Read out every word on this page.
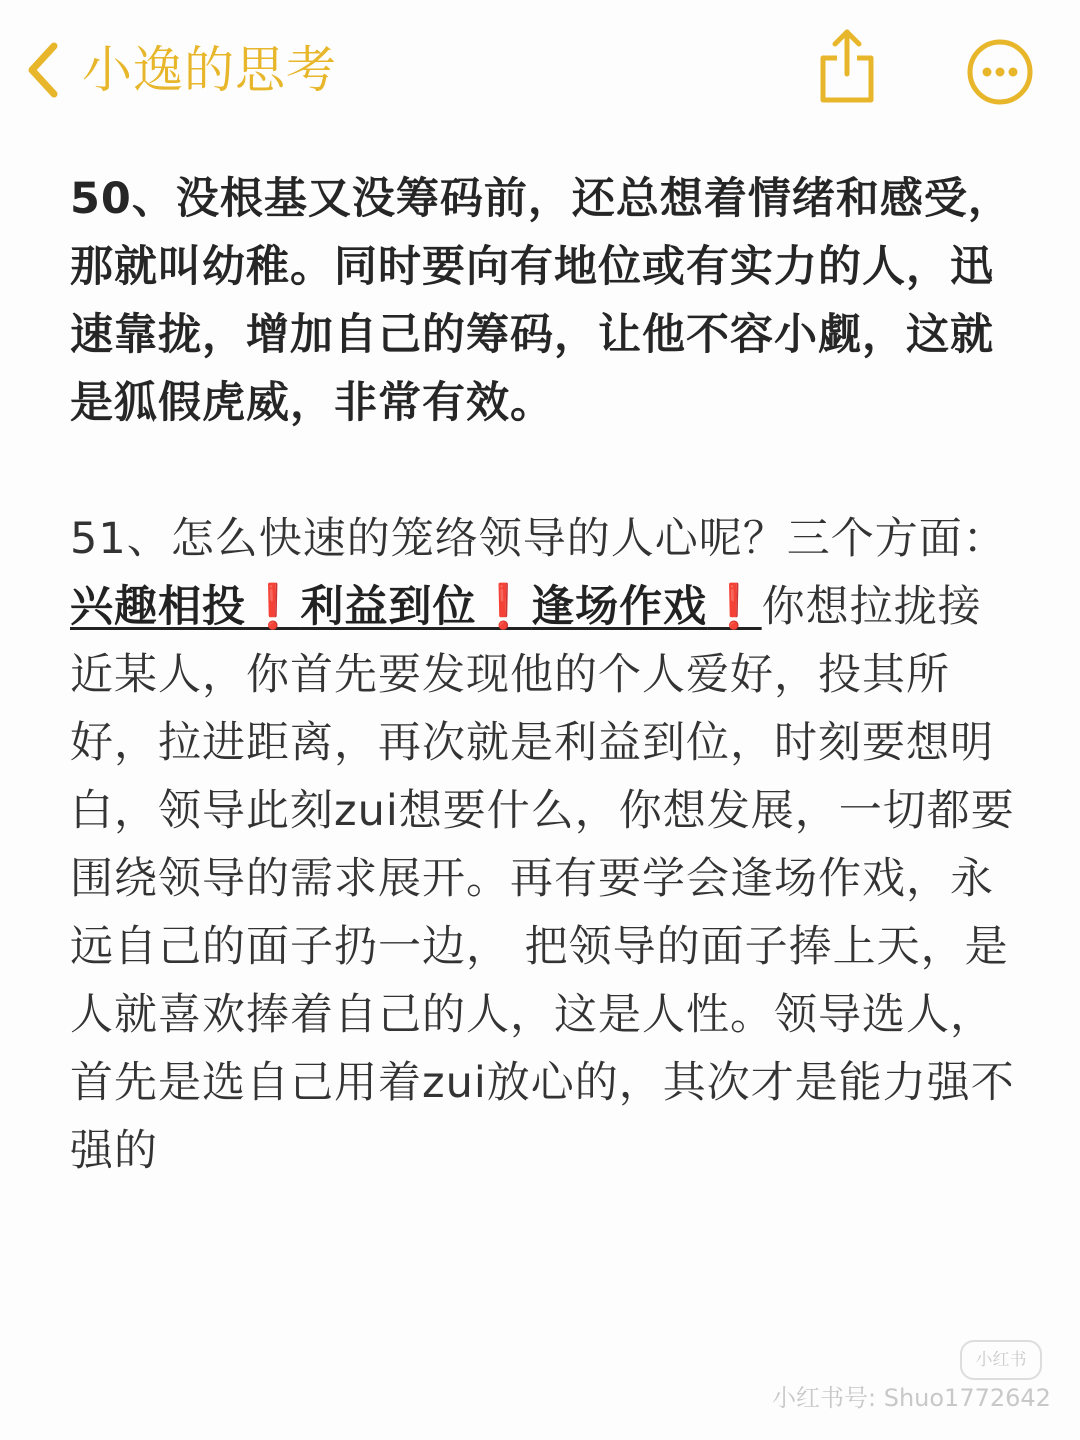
小逸的思考

50、没根基又没筹码前，还总想着情绪和感受，那就叫幼稚。同时要向有地位或有实力的人，迅速靠拢，增加自己的筹码，让他不容小觑，这就是狐假虎威，非常有效。

51、怎么快速的笼络领导的人心呢？三个方面：兴趣相投❗利益到位❗逢场作戏❗你想拉拢接近某人，你首先要发现他的个人爱好，投其所好，拉进距离，再次就是利益到位，时刻要想明白，领导此刻zui想要什么，你想发展，一切都要围绕领导的需求展开。再有要学会逢场作戏，永远自己的面子扔一边， 把领导的面子捧上天，是人就喜欢捧着自己的人，这是人性。领导选人，首先是选自己用着zui放心的，其次才是能力强不强的

小红书
小红书号: Shuo1772642
